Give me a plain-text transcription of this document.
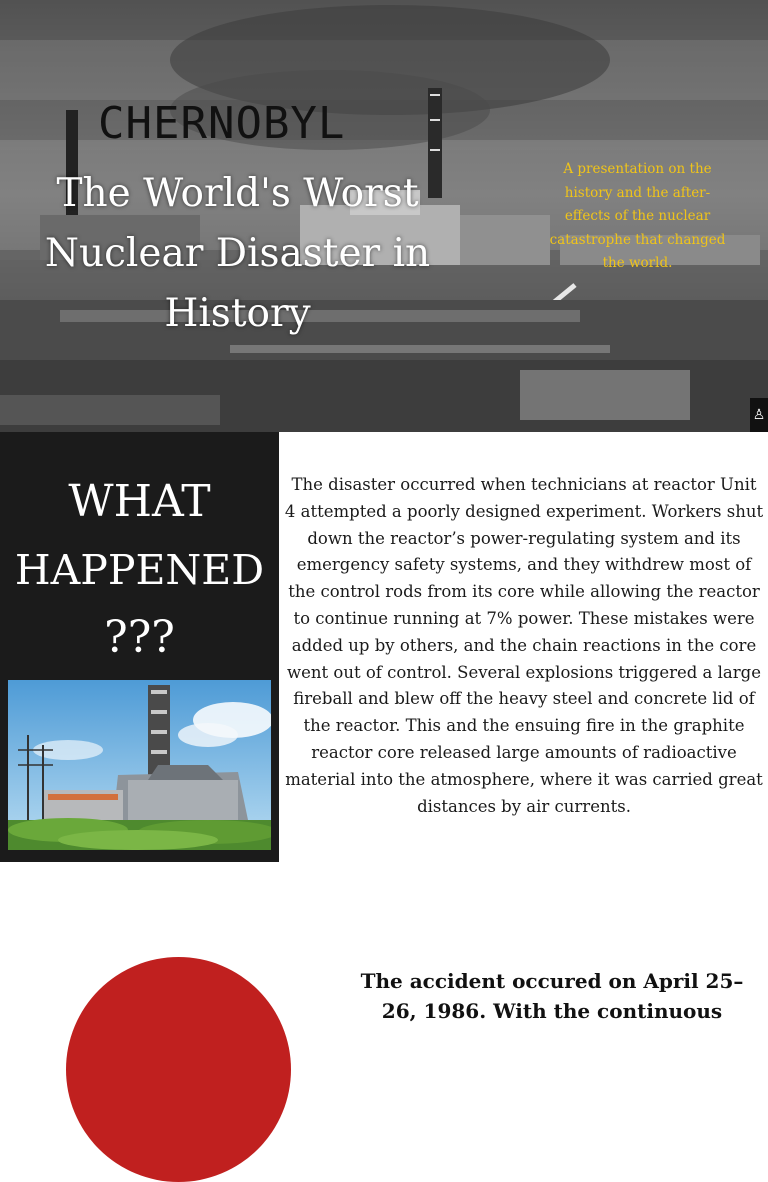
CHERNOBYL
The World's Worst Nuclear Disaster in History

A presentation on the history and the after-effects of the nuclear catastrophe that changed the world.

♙
WHAT
HAPPENED
???

The disaster occurred when technicians at reactor Unit 4 attempted a poorly designed experiment. Workers shut down the reactor’s power-regulating system and its emergency safety systems, and they withdrew most of the control rods from its core while allowing the reactor to continue running at 7% power. These mistakes were added up by others, and the chain reactions in the core went out of control. Several explosions triggered a large fireball and blew off the heavy steel and concrete lid of the reactor. This and the ensuing fire in the graphite reactor core released large amounts of radioactive material into the atmosphere, where it was carried great distances by air currents.

The accident occured on April 25–26, 1986. With the continuous
